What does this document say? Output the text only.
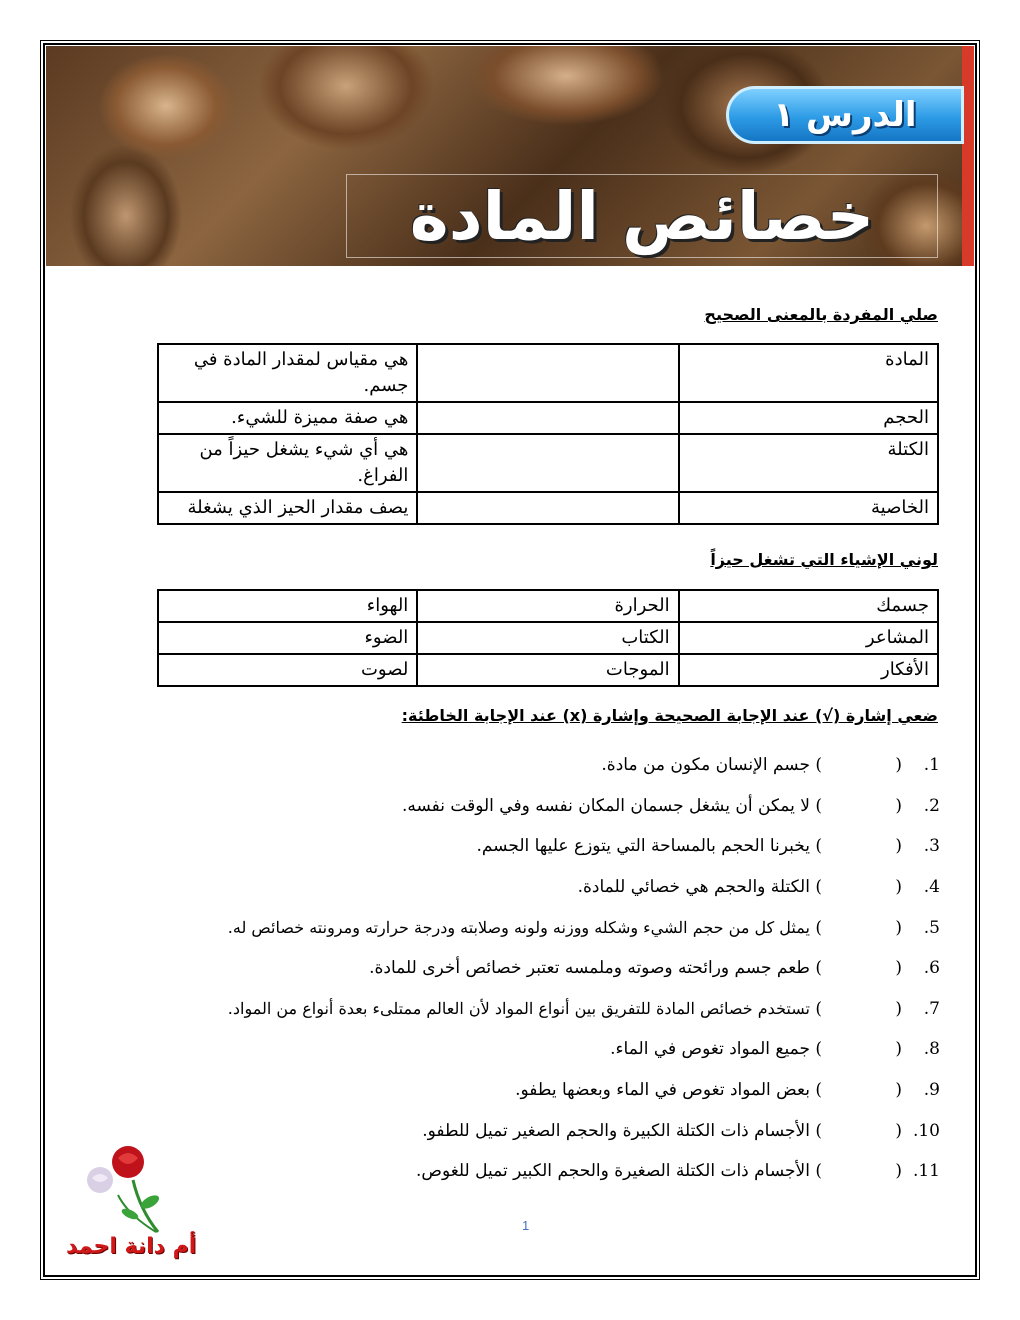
الدرس ١
خصائص المادة
صلي المفردة بالمعنى الصحيح
المادة		هي مقياس لمقدار المادة في جسم.
الحجم		هي صفة مميزة للشيء.
الكتلة		هي أي شيء يشغل حيزاً من الفراغ.
الخاصية		يصف مقدار الحيز الذي يشغلة
لوني الإشياء التي تشغل حيزاً
جسمك	الحرارة	الهواء
المشاعر	الكتاب	الضوء
الأفكار	الموجات	لصوت
ضعي إشارة (√) عند الإجابة الصحيحة وإشارة (x) عند الإجابة الخاطئة:
1.
(
)

جسم الإنسان مكون من مادة.
2.
(
)

لا يمكن أن يشغل جسمان المكان نفسه وفي الوقت نفسه.
3.
(
)

يخبرنا الحجم بالمساحة التي يتوزع عليها الجسم.
4.
(
)

الكتلة والحجم هي خصائي للمادة.
5.
(
)

يمثل كل من حجم الشيء وشكله ووزنه ولونه وصلابته ودرجة حرارته ومرونته خصائص له.
6.
(
)

طعم جسم ورائحته وصوته وملمسه تعتبر خصائص أخرى للمادة.
7.
(
)

تستخدم خصائص المادة للتفريق بين أنواع المواد لأن العالم ممتلىء بعدة أنواع من المواد.
8.
(
)

جميع المواد تغوص في الماء.
9.
(
)

بعض المواد تغوص في الماء وبعضها يطفو.
10.
(
)

الأجسام ذات الكتلة الكبيرة والحجم الصغير تميل للطفو.
11.
(
)

الأجسام ذات الكتلة الصغيرة والحجم الكبير تميل للغوص.
أم دانة احمد
1
